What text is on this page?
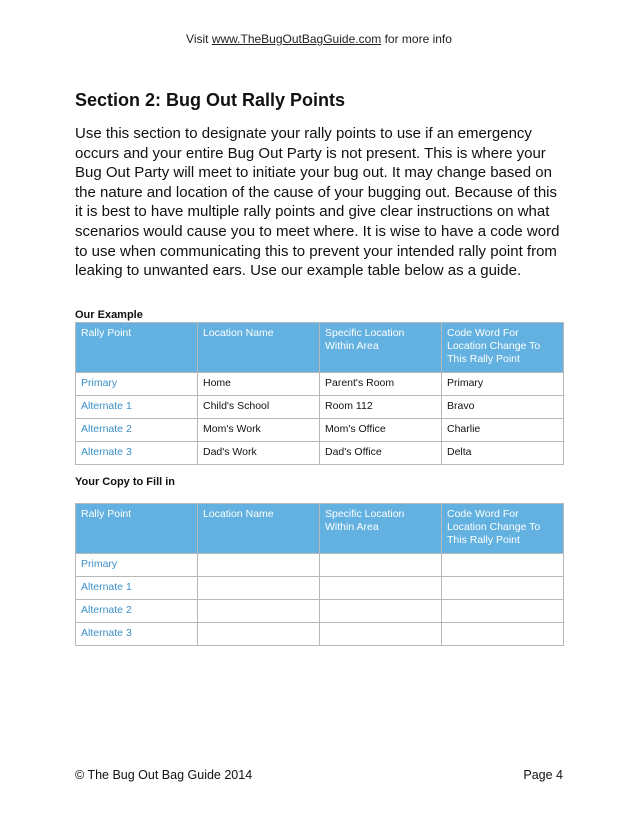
Visit www.TheBugOutBagGuide.com for more info
Section 2: Bug Out Rally Points

Use this section to designate your rally points to use if an emergency occurs and your entire Bug Out Party is not present. This is where your Bug Out Party will meet to initiate your bug out. It may change based on the nature and location of the cause of your bugging out. Because of this it is best to have multiple rally points and give clear instructions on what scenarios would cause you to meet where. It is wise to have a code word to use when communicating this to prevent your intended rally point from leaking to unwanted ears. Use our example table below as a guide.

Our Example

Rally Point	Location Name	Specific Location Within Area	Code Word For Location Change To This Rally Point
Primary	Home	Parent's Room	Primary
Alternate 1	Child's School	Room 112	Bravo
Alternate 2	Mom's Work	Mom's Office	Charlie
Alternate 3	Dad's Work	Dad's Office	Delta

Your Copy to Fill in

Rally Point	Location Name	Specific Location Within Area	Code Word For Location Change To This Rally Point
Primary			
Alternate 1			
Alternate 2			
Alternate 3			
© The Bug Out Bag Guide 2014	Page 4
